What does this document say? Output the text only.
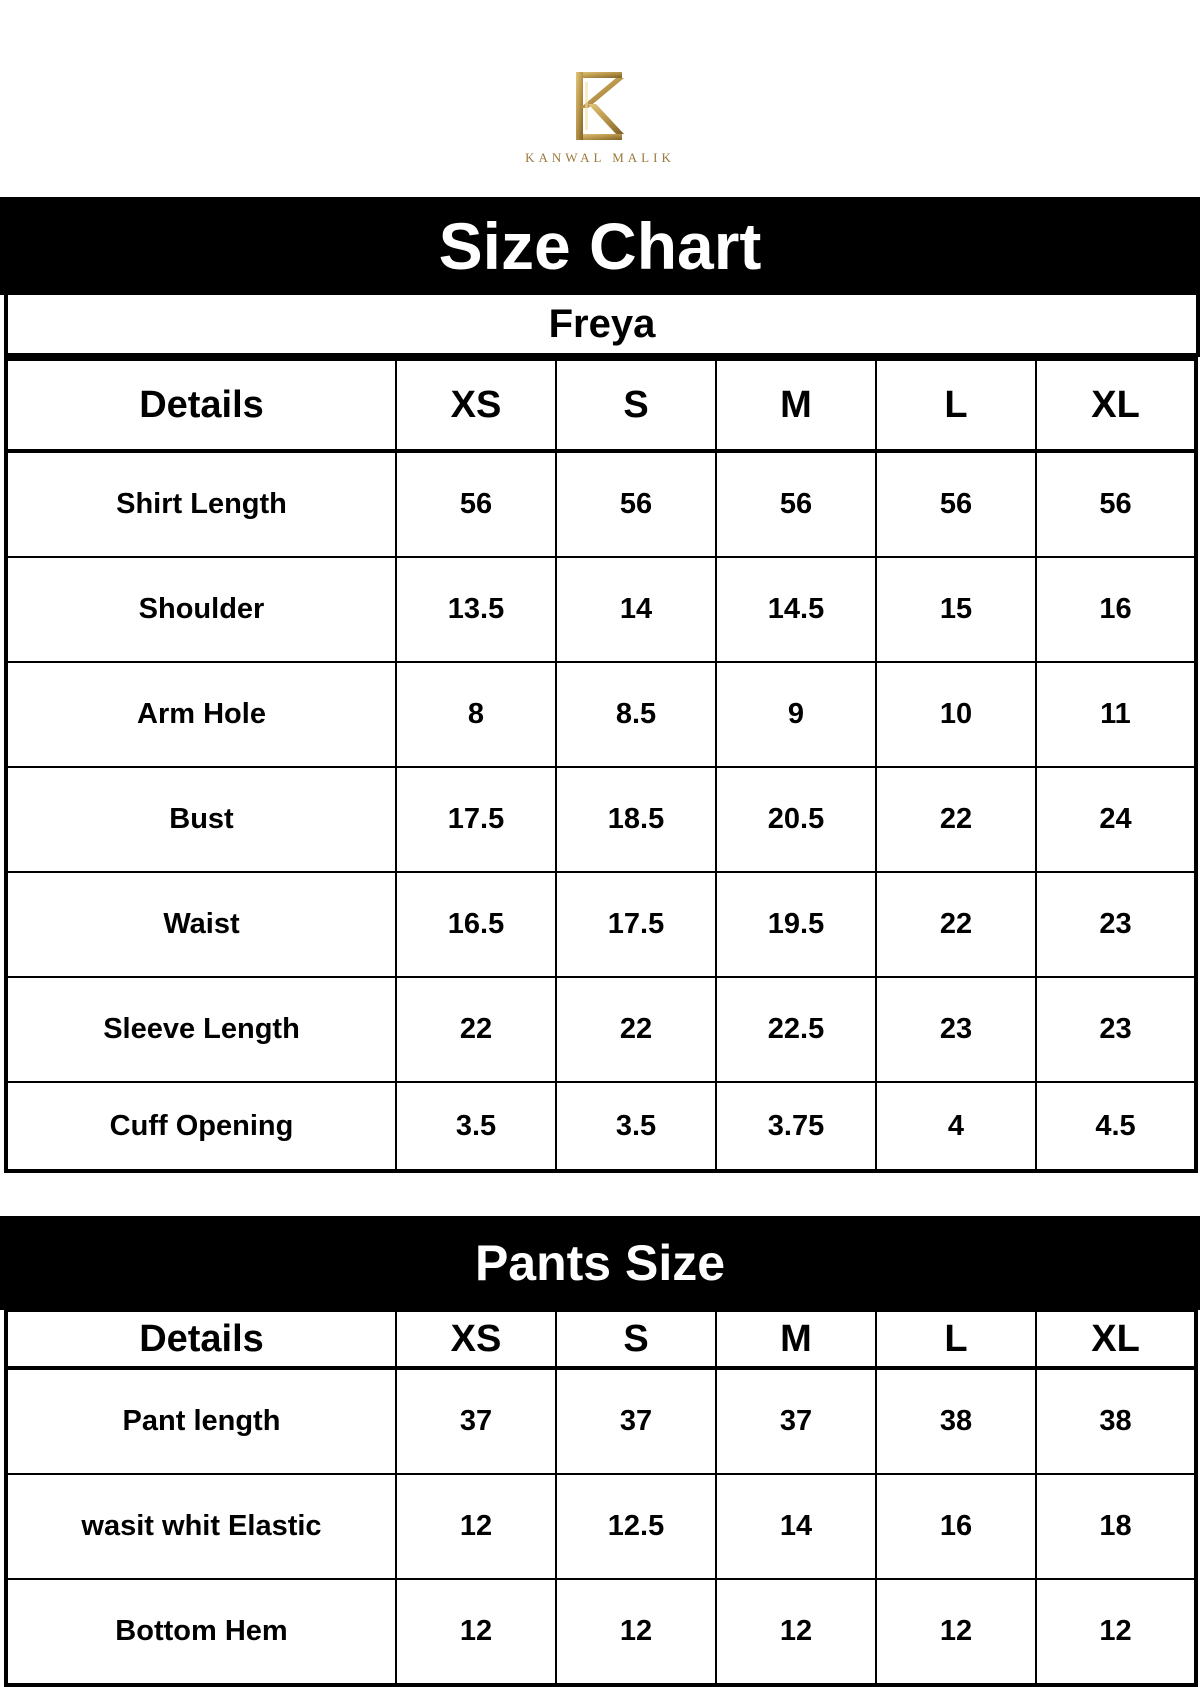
KANWAL MALIK
Size Chart
Freya
Details	XS	S	M	L	XL
Shirt Length	56	56	56	56	56
Shoulder	13.5	14	14.5	15	16
Arm Hole	8	8.5	9	10	11
Bust	17.5	18.5	20.5	22	24
Waist	16.5	17.5	19.5	22	23
Sleeve Length	22	22	22.5	23	23
Cuff Opening	3.5	3.5	3.75	4	4.5
Pants Size
Details	XS	S	M	L	XL
Pant length	37	37	37	38	38
wasit whit Elastic	12	12.5	14	16	18
Bottom Hem	12	12	12	12	12
